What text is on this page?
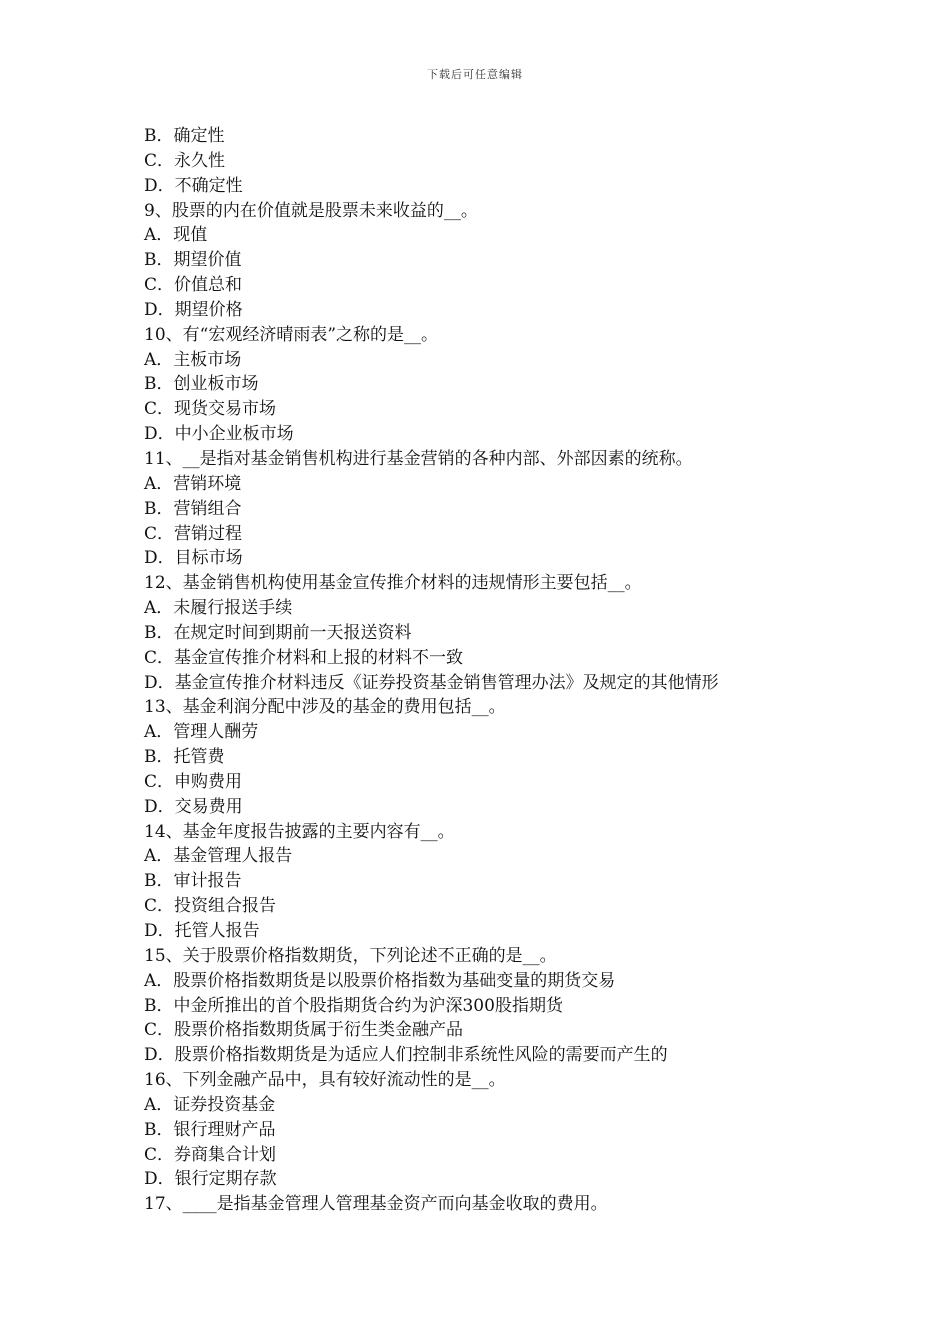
下载后可任意编辑
B．确定性
C．永久性
D．不确定性
9、股票的内在价值就是股票未来收益的__。
A．现值
B．期望价值
C．价值总和
D．期望价格
10、有“宏观经济晴雨表”之称的是__。
A．主板市场
B．创业板市场
C．现货交易市场
D．中小企业板市场
11、__是指对基金销售机构进行基金营销的各种内部、外部因素的统称。
A．营销环境
B．营销组合
C．营销过程
D．目标市场
12、基金销售机构使用基金宣传推介材料的违规情形主要包括__。
A．未履行报送手续
B．在规定时间到期前一天报送资料
C．基金宣传推介材料和上报的材料不一致
D．基金宣传推介材料违反《证券投资基金销售管理办法》及规定的其他情形
13、基金利润分配中涉及的基金的费用包括__。
A．管理人酬劳
B．托管费
C．申购费用
D．交易费用
14、基金年度报告披露的主要内容有__。
A．基金管理人报告
B．审计报告
C．投资组合报告
D．托管人报告
15、关于股票价格指数期货，下列论述不正确的是__。
A．股票价格指数期货是以股票价格指数为基础变量的期货交易
B．中金所推出的首个股指期货合约为沪深300股指期货
C．股票价格指数期货属于衍生类金融产品
D．股票价格指数期货是为适应人们控制非系统性风险的需要而产生的
16、下列金融产品中，具有较好流动性的是__。
A．证券投资基金
B．银行理财产品
C．券商集合计划
D．银行定期存款
17、____是指基金管理人管理基金资产而向基金收取的费用。
